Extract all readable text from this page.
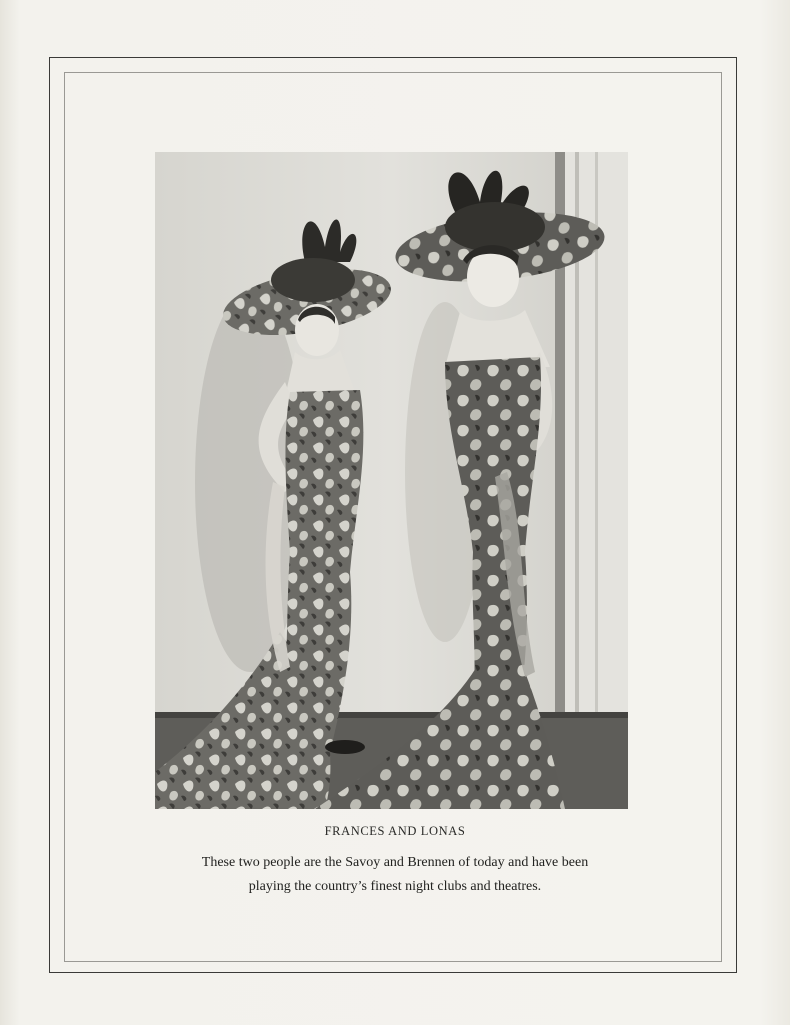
FRANCES AND LONAS
These two people are the Savoy and Brennen of today and have been
playing the country’s finest night clubs and theatres.
